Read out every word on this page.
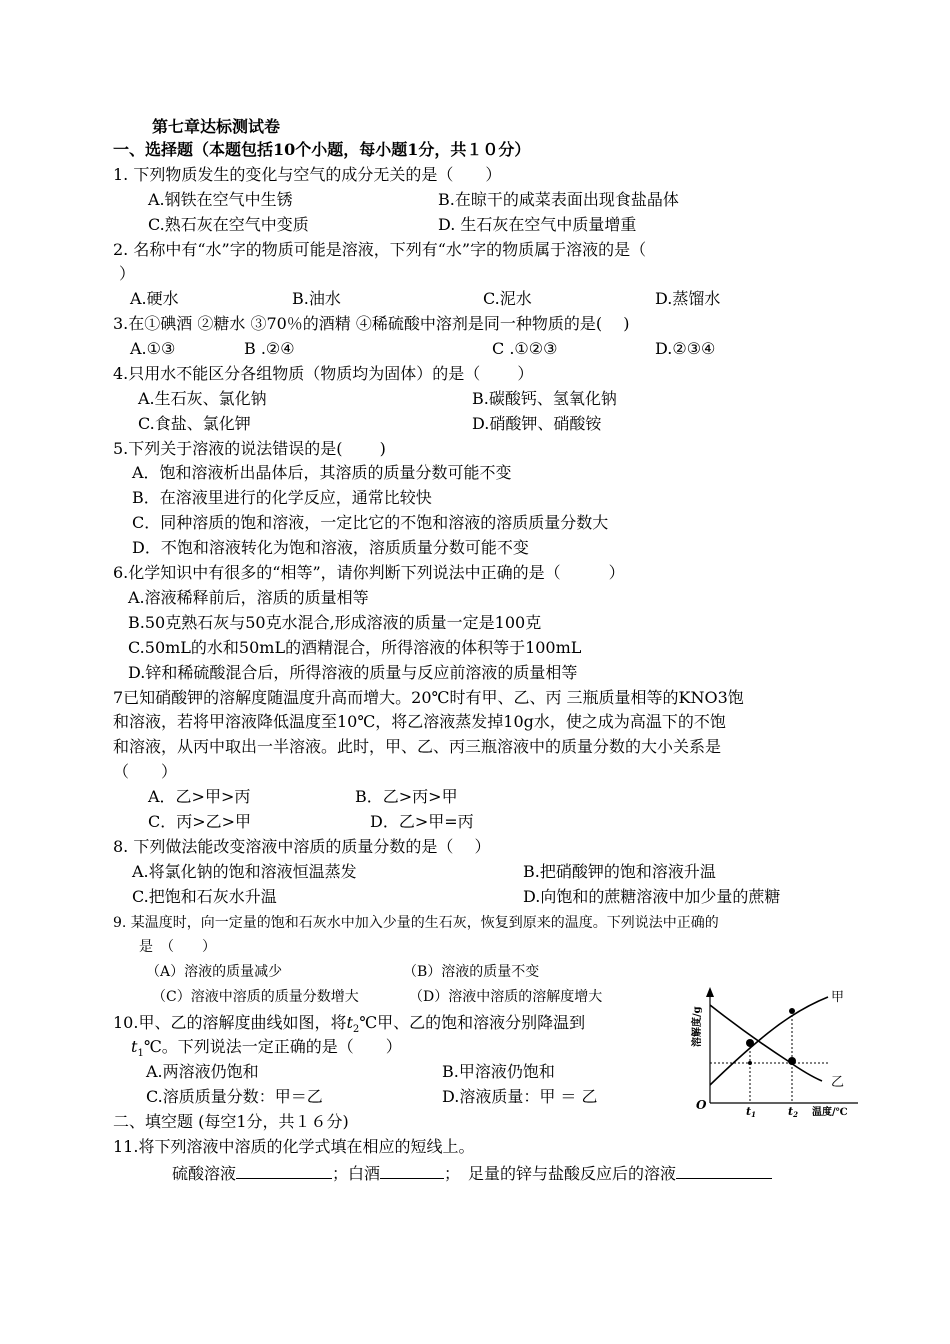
第七章达标测试卷
一、选择题（本题包括10个小题，每小题1分，共１０分）
1. 下列物质发生的变化与空气的成分无关的是（　　）
A.钢铁在空气中生锈	B.在晾干的咸菜表面出现食盐晶体
C.熟石灰在空气中变质	D. 生石灰在空气中质量增重
2. 名称中有“水”字的物质可能是溶液，下列有“水”字的物质属于溶液的是（
）
A.硬水	B.油水	C.泥水	D.蒸馏水
3.在①碘酒 ②糖水 ③70％的酒精 ④稀硫酸中溶剂是同一种物质的是(　 )
A.①③	B .②④	C .①②③	D.②③④
4.只用水不能区分各组物质（物质均为固体）的是（　　 ）
A.生石灰、氯化钠	B.碳酸钙、氢氧化钠
C.食盐、氯化钾	D.硝酸钾、硝酸铵
5.下列关于溶液的说法错误的是(　　 )
A．饱和溶液析出晶体后，其溶质的质量分数可能不变
B．在溶液里进行的化学反应，通常比较快
C．同种溶质的饱和溶液，一定比它的不饱和溶液的溶质质量分数大
D．不饱和溶液转化为饱和溶液，溶质质量分数可能不变
6.化学知识中有很多的“相等”，请你判断下列说法中正确的是（　　　）
A.溶液稀释前后，溶质的质量相等
B.50克熟石灰与50克水混合,形成溶液的质量一定是100克
C.50mL的水和50mL的酒精混合，所得溶液的体积等于100mL
D.锌和稀硫酸混合后，所得溶液的质量与反应前溶液的质量相等
7已知硝酸钾的溶解度随温度升高而增大。20℃时有甲、乙、丙 三瓶质量相等的KNO3饱
和溶液，若将甲溶液降低温度至10℃，将乙溶液蒸发掉10g水，使之成为高温下的不饱
和溶液，从丙中取出一半溶液。此时，甲、乙、丙三瓶溶液中的质量分数的大小关系是
（　　）
A．乙>甲>丙	B．乙>丙>甲
C．丙>乙>甲	D．乙>甲=丙
8. 下列做法能改变溶液中溶质的质量分数的是（　 ）
A.将氯化钠的饱和溶液恒温蒸发	B.把硝酸钾的饱和溶液升温
C.把饱和石灰水升温	D.向饱和的蔗糖溶液中加少量的蔗糖
9. 某温度时，向一定量的饱和石灰水中加入少量的生石灰，恢复到原来的温度。下列说法中正确的
是　（　　）
（A）溶液的质量减少	（B）溶液的质量不变
（C）溶液中溶质的质量分数增大	（D）溶液中溶质的溶解度增大
10.甲、乙的溶解度曲线如图，将$t_2℃$甲、乙的饱和溶液分别降温到
$t_1℃$。下列说法一定正确的是（　　）
A.两溶液仍饱和	B.甲溶液仍饱和
C.溶质质量分数：甲＝乙	D.溶液质量：甲 ＝ 乙	O
甲
乙
t1	t2 温度/℃
溶解度/g
二、填空题 (每空1分，共１６分)
11.将下列溶液中溶质的化学式填在相应的短线上。
硫酸溶液	；白酒	；　足量的锌与盐酸反应后的溶液
